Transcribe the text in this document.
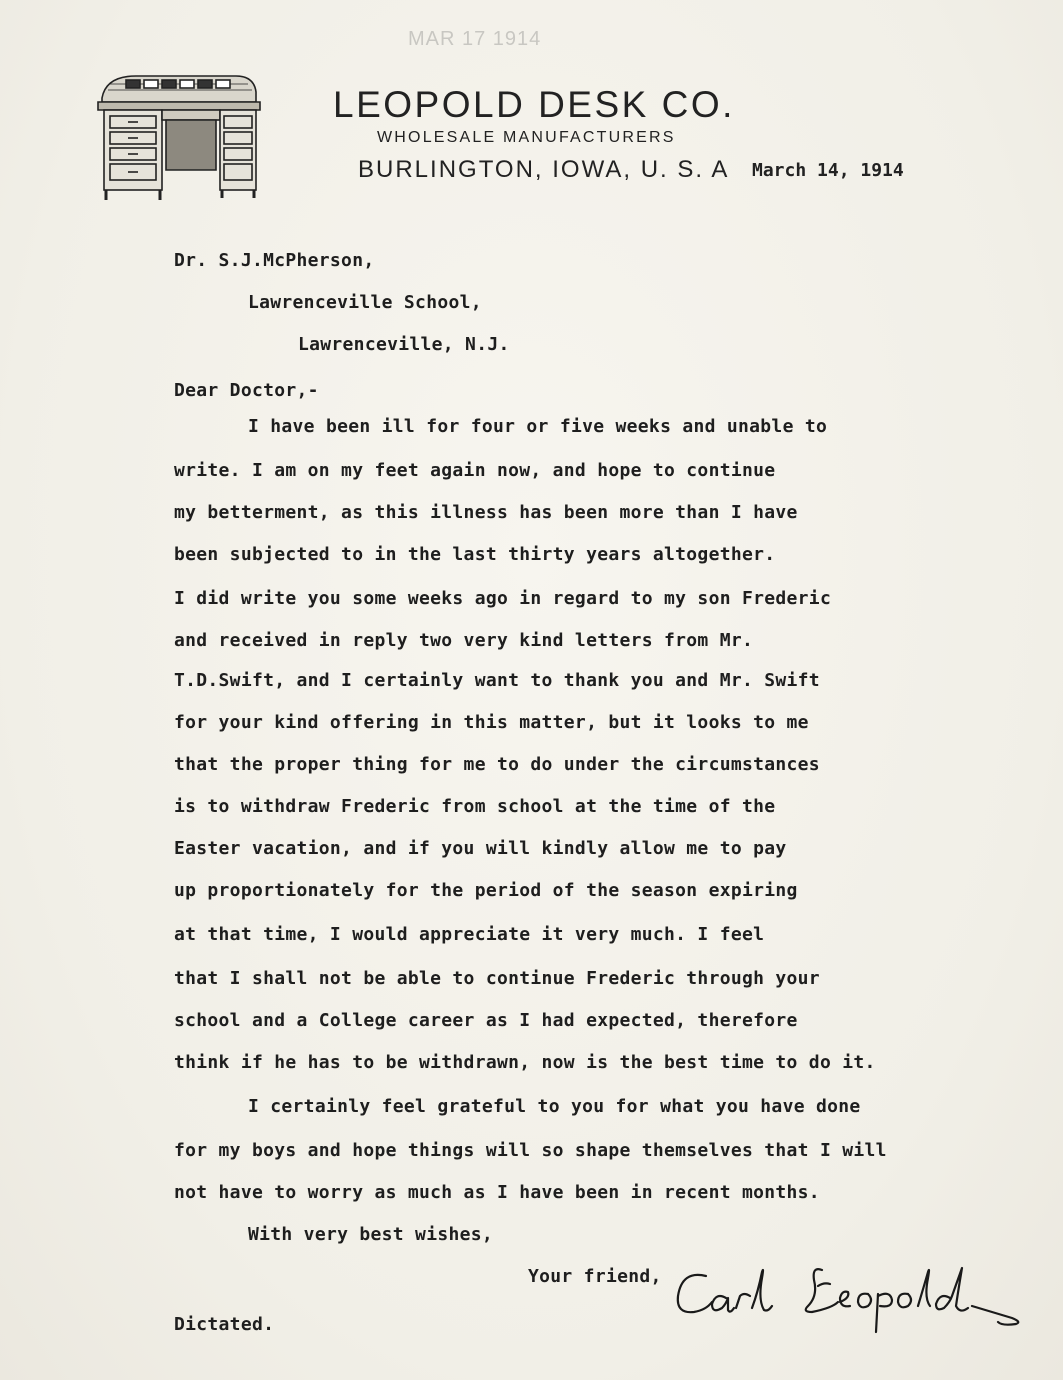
MAR 17 1914
LEOPOLD DESK CO.
WHOLESALE MANUFACTURERS
BURLINGTON, IOWA, U. S. A March 14, 1914
Dr. S.J.McPherson,
Lawrenceville School,
Lawrenceville, N.J.
Dear Doctor,-
I have been ill for four or five weeks and unable to
write. I am on my feet again now, and hope to continue
my betterment, as this illness has been more than I have
been subjected to in the last thirty years altogether.
I did write you some weeks ago in regard to my son Frederic
and received in reply two very kind letters from Mr.
T.D.Swift, and I certainly want to thank you and Mr. Swift
for your kind offering in this matter, but it looks to me
that the proper thing for me to do under the circumstances
is to withdraw Frederic from school at the time of the
Easter vacation, and if you will kindly allow me to pay
up proportionately for the period of the season expiring
at that time, I would appreciate it very much. I feel
that I shall not be able to continue Frederic through your
school and a College career as I had expected, therefore
think if he has to be withdrawn, now is the best time to do it.
I certainly feel grateful to you for what you have done
for my boys and hope things will so shape themselves that I will
not have to worry as much as I have been in recent months.
With very best wishes,
Your friend,
Dictated.
